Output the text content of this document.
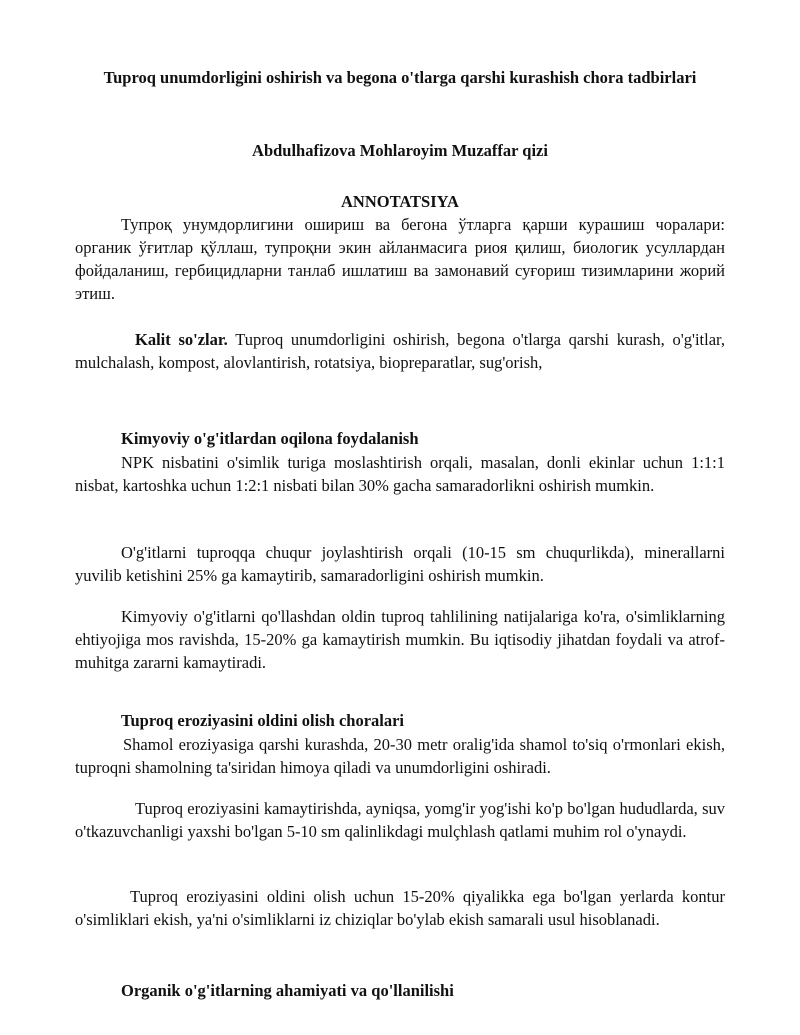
Tuproq unumdorligini oshirish va begona o'tlarga qarshi kurashish chora tadbirlari

Abdulhafizova Mohlaroyim Muzaffar qizi

ANNOTATSIYA

Тупроқ унумдорлигини ошириш ва бегона ўтларга қарши курашиш чоралари: органик ўғитлар қўллаш, тупроқни экин айланмасига риоя қилиш, биологик усуллардан фойдаланиш, гербицидларни танлаб ишлатиш ва замонавий суғориш тизимларини жорий этиш.

Kalit so'zlar. Tuproq unumdorligini oshirish, begona o'tlarga qarshi kurash, o'g'itlar, mulchalash, kompost, alovlantirish, rotatsiya, biopreparatlar, sug'orish,

Kimyoviy o'g'itlardan oqilona foydalanish

NPK nisbatini o'simlik turiga moslashtirish orqali, masalan, donli ekinlar uchun 1:1:1 nisbat, kartoshka uchun 1:2:1 nisbati bilan 30% gacha samaradorlikni oshirish mumkin.

O'g'itlarni tuproqqa chuqur joylashtirish orqali (10-15 sm chuqurlikda), minerallarni yuvilib ketishini 25% ga kamaytirib, samaradorligini oshirish mumkin.

Kimyoviy o'g'itlarni qo'llashdan oldin tuproq tahlilining natijalariga ko'ra, o'simliklarning ehtiyojiga mos ravishda, 15-20% ga kamaytirish mumkin. Bu iqtisodiy jihatdan foydali va atrof-muhitga zararni kamaytiradi.

Tuproq eroziyasini oldini olish choralari

Shamol eroziyasiga qarshi kurashda, 20-30 metr oralig'ida shamol to'siq o'rmonlari ekish, tuproqni shamolning ta'siridan himoya qiladi va unumdorligini oshiradi.

Tuproq eroziyasini kamaytirishda, ayniqsa, yomg'ir yog'ishi ko'p bo'lgan hududlarda, suv o'tkazuvchanligi yaxshi bo'lgan 5-10 sm qalinlikdagi mulçhlash qatlami muhim rol o'ynaydi.

Tuproq eroziyasini oldini olish uchun 15-20% qiyalikka ega bo'lgan yerlarda kontur o'simliklari ekish, ya'ni o'simliklarni iz chiziqlar bo'ylab ekish samarali usul hisoblanadi.

Organik o'g'itlarning ahamiyati va qo'llanilishi
